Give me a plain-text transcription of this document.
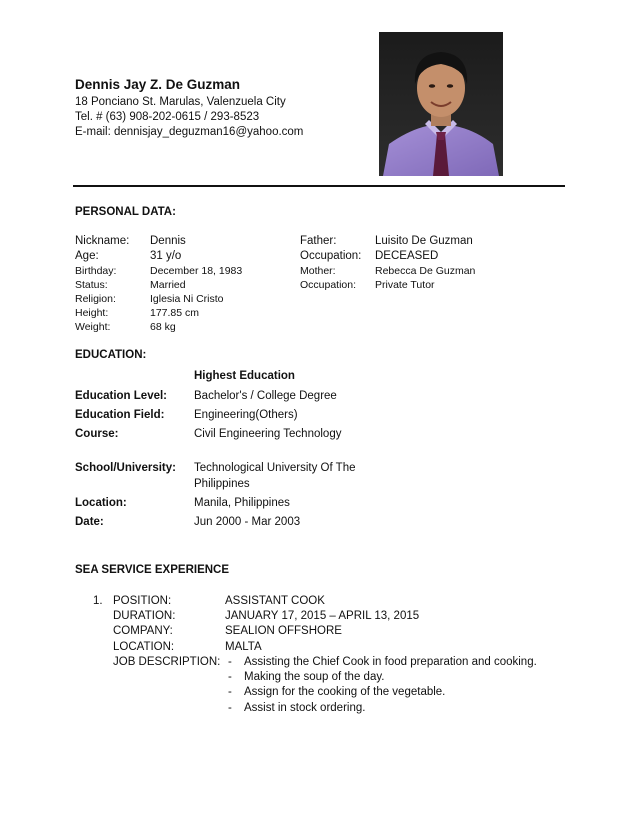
Dennis Jay Z. De Guzman
18 Ponciano St. Marulas, Valenzuela City
Tel. # (63) 908-202-0615 / 293-8523
E-mail: dennisjay_deguzman16@yahoo.com
PERSONAL DATA:
Nickname: Dennis
Age:	31 y/o
Birthday:	December 18, 1983
Status:	Married
Religion:	Iglesia Ni Cristo
Height:	177.85 cm
Weight:	68 kg
Father:	Luisito De Guzman
Occupation: DECEASED
Mother:	Rebecca De Guzman
Occupation: Private Tutor
EDUCATION:
Highest Education
Education Level: Bachelor's / College Degree
Education Field:	Engineering(Others)
Course:	Civil Engineering Technology
School/University: Technological University Of The
Philippines
Location:	Manila, Philippines
Date:	Jun 2000 - Mar 2003
SEA SERVICE EXPERIENCE
1. POSITION:	ASSISTANT COOK
DURATION:	JANUARY 17, 2015 – APRIL 13, 2015
COMPANY:	SEALION OFFSHORE
LOCATION:	MALTA
JOB DESCRIPTION: - Assisting the Chief Cook in food preparation and cooking.
- Making the soup of the day.
- Assign for the cooking of the vegetable.
- Assist in stock ordering.
